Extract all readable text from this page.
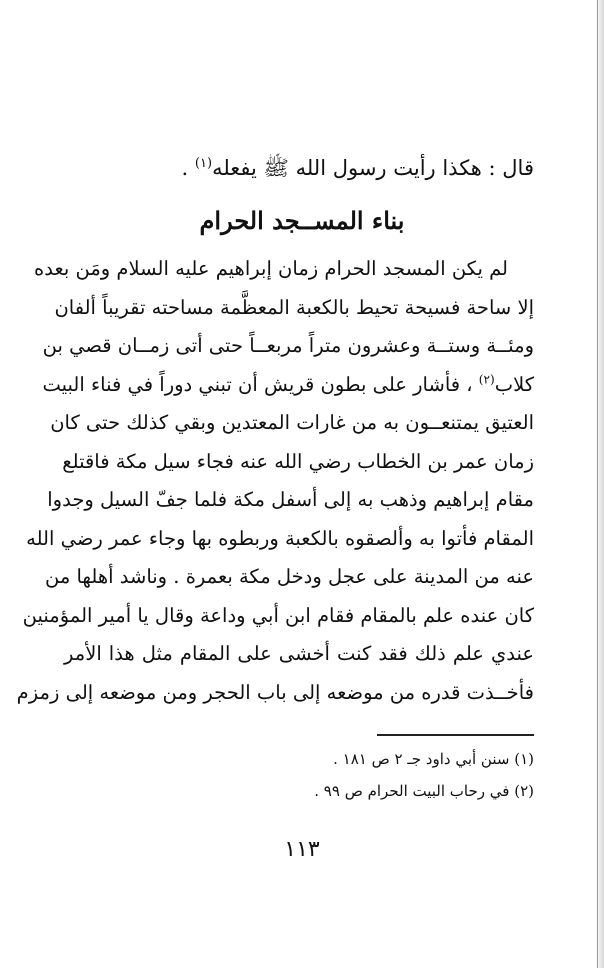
قال : هكذا رأيت رسول الله ﷺ يفعله$^{(١)}$ .
بناء المســجد الحرام
لم يكن المسجد الحرام زمان إبراهيم عليه السلام ومَن بعده
إلا ساحة فسيحة تحيط بالكعبة المعظَّمة مساحته تقريباً ألفان
ومئــة وستــة وعشرون متراً مربعــاً حتى أتى زمــان قصي بن
كلاب$^{(٢)}$ ، فأشار على بطون قريش أن تبني دوراً في فناء البيت
العتيق يمتنعــون به من غارات المعتدين وبقي كذلك حتى كان
زمان عمر بن الخطاب رضي الله عنه فجاء سيل مكة فاقتلع
مقام إبراهيم وذهب به إلى أسفل مكة فلما جفّ السيل وجدوا
المقام فأتوا به وألصقوه بالكعبة وربطوه بها وجاء عمر رضي الله
عنه من المدينة على عجل ودخل مكة بعمرة . وناشد أهلها من
كان عنده علم بالمقام فقام ابن أبي وداعة وقال يا أمير المؤمنين
عندي علم ذلك فقد كنت أخشى على المقام مثل هذا الأمر
فأخــذت قدره من موضعه إلى باب الحجر ومن موضعه إلى زمزم
(١) سنن أبي داود جـ ٢ ص ١٨١ .
(٢) في رحاب البيت الحرام ص ٩٩ .
١١٣
